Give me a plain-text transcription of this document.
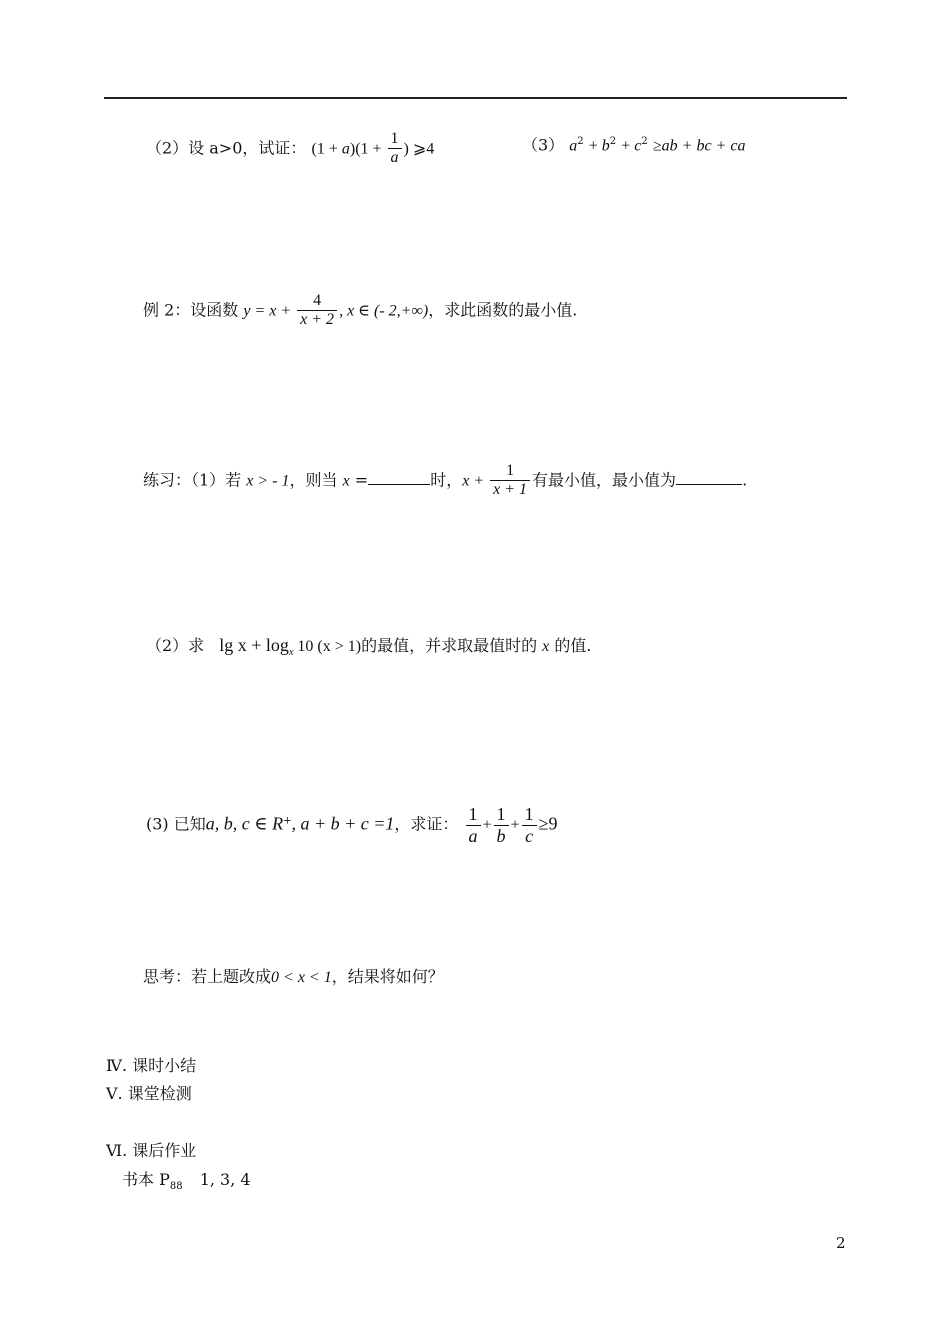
（2）设 a>0，试证： $(1 + a)(1 + \frac{1}{a}$ ) ⩾4	（3） $a^2 + b^2 + c^2 \ge ab$ + bc + ca
例 2：设函数 $y = x + \frac{4}{x + 2}$ , x ∈ (- 2,+∞)，求此函数的最小值.
练习：（1）若 x > - 1，则当 x =	时，$x + \frac{1}{x + 1}$ 有最小值，最小值为	.
（2）求 $\lg x + \log_x 10$ (x > 1)的最值，并求取最值时的 x 的值.
(3) 已知a, b, c ∈ R+, a + b + c =1，求证： $\frac{1}{a} + \frac{1}{b} + \frac{1}{c} \ge 9$
思考：若上题改成0 < x < 1，结果将如何？
Ⅳ. 课时小结
Ⅴ. 课堂检测
Ⅵ. 课后作业
书本 $P_{88}$ 1, 3, 4
2
